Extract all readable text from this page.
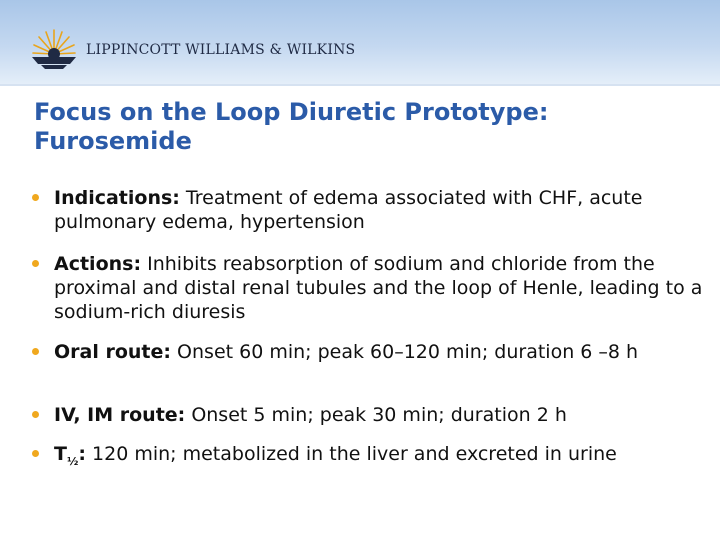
LIPPINCOTT WILLIAMS & WILKINS
Focus on the Loop Diuretic Prototype: Furosemide
Indications: Treatment of edema associated with CHF, acute pulmonary edema, hypertension
Actions: Inhibits reabsorption of sodium and chloride from the proximal and distal renal tubules and the loop of Henle, leading to a sodium-rich diuresis
Oral route: Onset 60 min; peak 60–120 min; duration 6 –8 h
IV, IM route: Onset 5 min; peak 30 min; duration 2 h
$T_{\frac{1}{2}}$: 120 min; metabolized in the liver and excreted in urine
